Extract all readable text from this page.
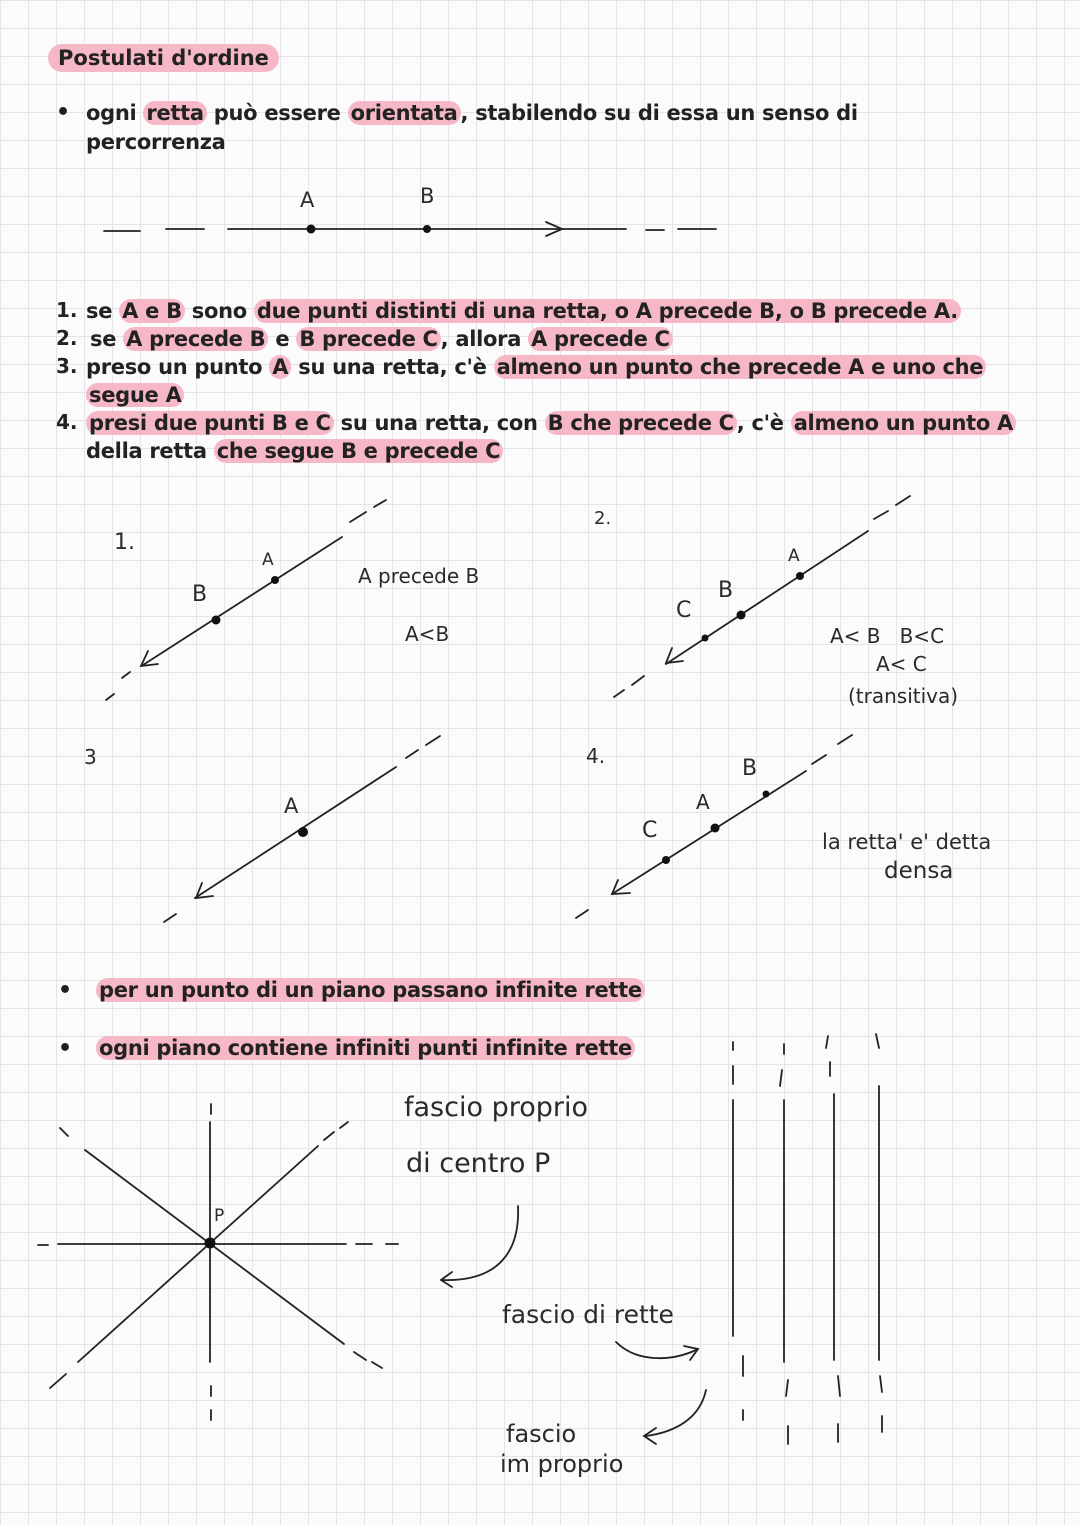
Postulati d'ordine
• ogni retta può essere orientata , stabilendo su di essa un senso di
percorrenza
A	B
1. se A e B sono due punti distinti di una retta, o A precede B, o B precede A.
2. se A precede B e B precede C , allora A precede C
3. preso un punto A su una retta, c'è almeno un punto che precede A e uno che
segue A
4. presi due punti B e C su una retta, con B che precede C , c'è almeno un punto A
della retta che segue B e precede C
1.
A
B
A precede B
A<B
2.
A
B
C
A< B   B<C
A< C
(transitiva)
3
A
4.
A
B
C	la retta' e' detta
densa
• per un punto di un piano passano infinite rette
• ogni piano contiene infiniti punti infinite rette
P
fascio proprio
di centro P
fascio di rette
fascio
im proprio
